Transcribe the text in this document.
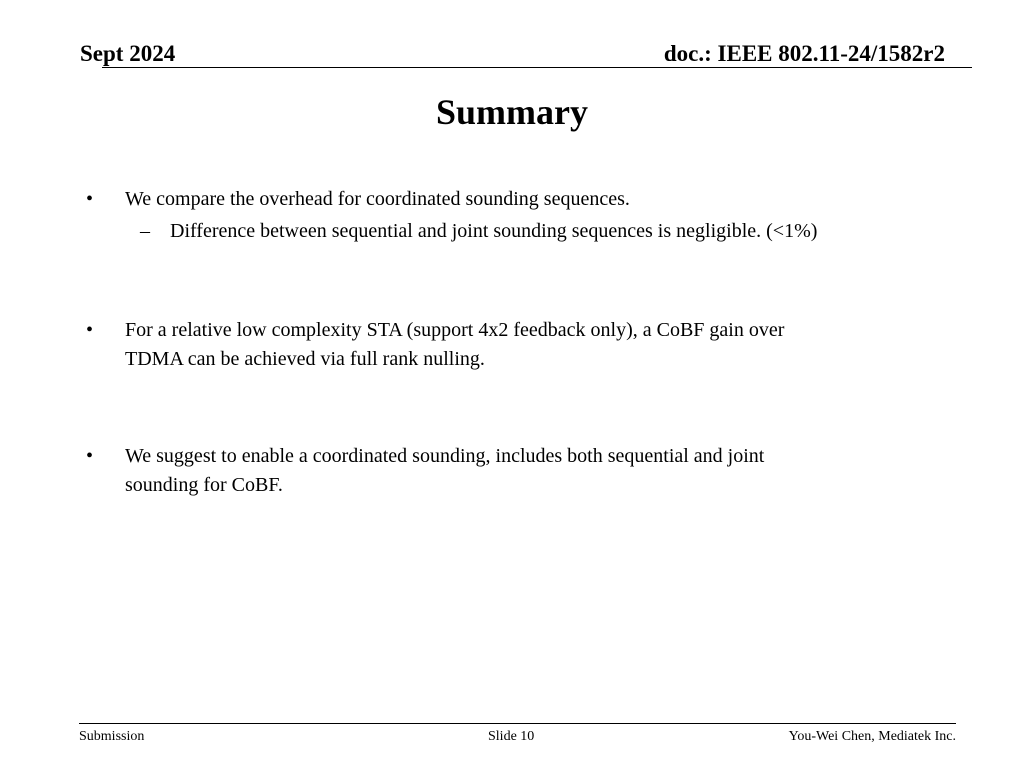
Sept 2024	doc.: IEEE 802.11-24/1582r2
Summary
• We compare the overhead for coordinated sounding sequences.
– Difference between sequential and joint sounding sequences is negligible. (<1%)
• For a relative low complexity STA (support 4x2 feedback only), a CoBF gain over
TDMA can be achieved via full rank nulling.
• We suggest to enable a coordinated sounding, includes both sequential and joint
sounding for CoBF.
Submission	Slide 10	You-Wei Chen, Mediatek Inc.
